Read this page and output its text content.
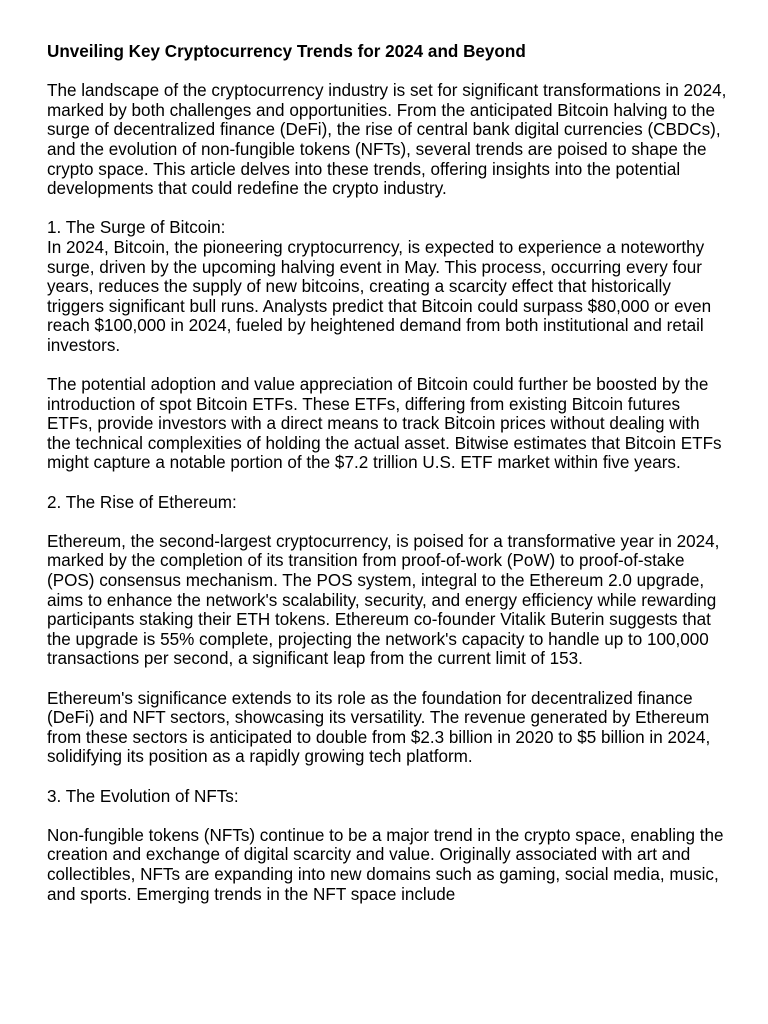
Unveiling Key Cryptocurrency Trends for 2024 and Beyond
The landscape of the cryptocurrency industry is set for significant transformations in 2024, marked by both challenges and opportunities. From the anticipated Bitcoin halving to the surge of decentralized finance (DeFi), the rise of central bank digital currencies (CBDCs), and the evolution of non-fungible tokens (NFTs), several trends are poised to shape the crypto space. This article delves into these trends, offering insights into the potential developments that could redefine the crypto industry.
1. The Surge of Bitcoin:
In 2024, Bitcoin, the pioneering cryptocurrency, is expected to experience a noteworthy surge, driven by the upcoming halving event in May. This process, occurring every four years, reduces the supply of new bitcoins, creating a scarcity effect that historically triggers significant bull runs. Analysts predict that Bitcoin could surpass $80,000 or even reach $100,000 in 2024, fueled by heightened demand from both institutional and retail investors.
The potential adoption and value appreciation of Bitcoin could further be boosted by the introduction of spot Bitcoin ETFs. These ETFs, differing from existing Bitcoin futures ETFs, provide investors with a direct means to track Bitcoin prices without dealing with the technical complexities of holding the actual asset. Bitwise estimates that Bitcoin ETFs might capture a notable portion of the $7.2 trillion U.S. ETF market within five years.
2. The Rise of Ethereum:
Ethereum, the second-largest cryptocurrency, is poised for a transformative year in 2024, marked by the completion of its transition from proof-of-work (PoW) to proof-of-stake (POS) consensus mechanism. The POS system, integral to the Ethereum 2.0 upgrade, aims to enhance the network's scalability, security, and energy efficiency while rewarding participants staking their ETH tokens. Ethereum co-founder Vitalik Buterin suggests that the upgrade is 55% complete, projecting the network's capacity to handle up to 100,000 transactions per second, a significant leap from the current limit of 153.
Ethereum's significance extends to its role as the foundation for decentralized finance (DeFi) and NFT sectors, showcasing its versatility. The revenue generated by Ethereum from these sectors is anticipated to double from $2.3 billion in 2020 to $5 billion in 2024, solidifying its position as a rapidly growing tech platform.
3. The Evolution of NFTs:
Non-fungible tokens (NFTs) continue to be a major trend in the crypto space, enabling the creation and exchange of digital scarcity and value. Originally associated with art and collectibles, NFTs are expanding into new domains such as gaming, social media, music, and sports. Emerging trends in the NFT space include
